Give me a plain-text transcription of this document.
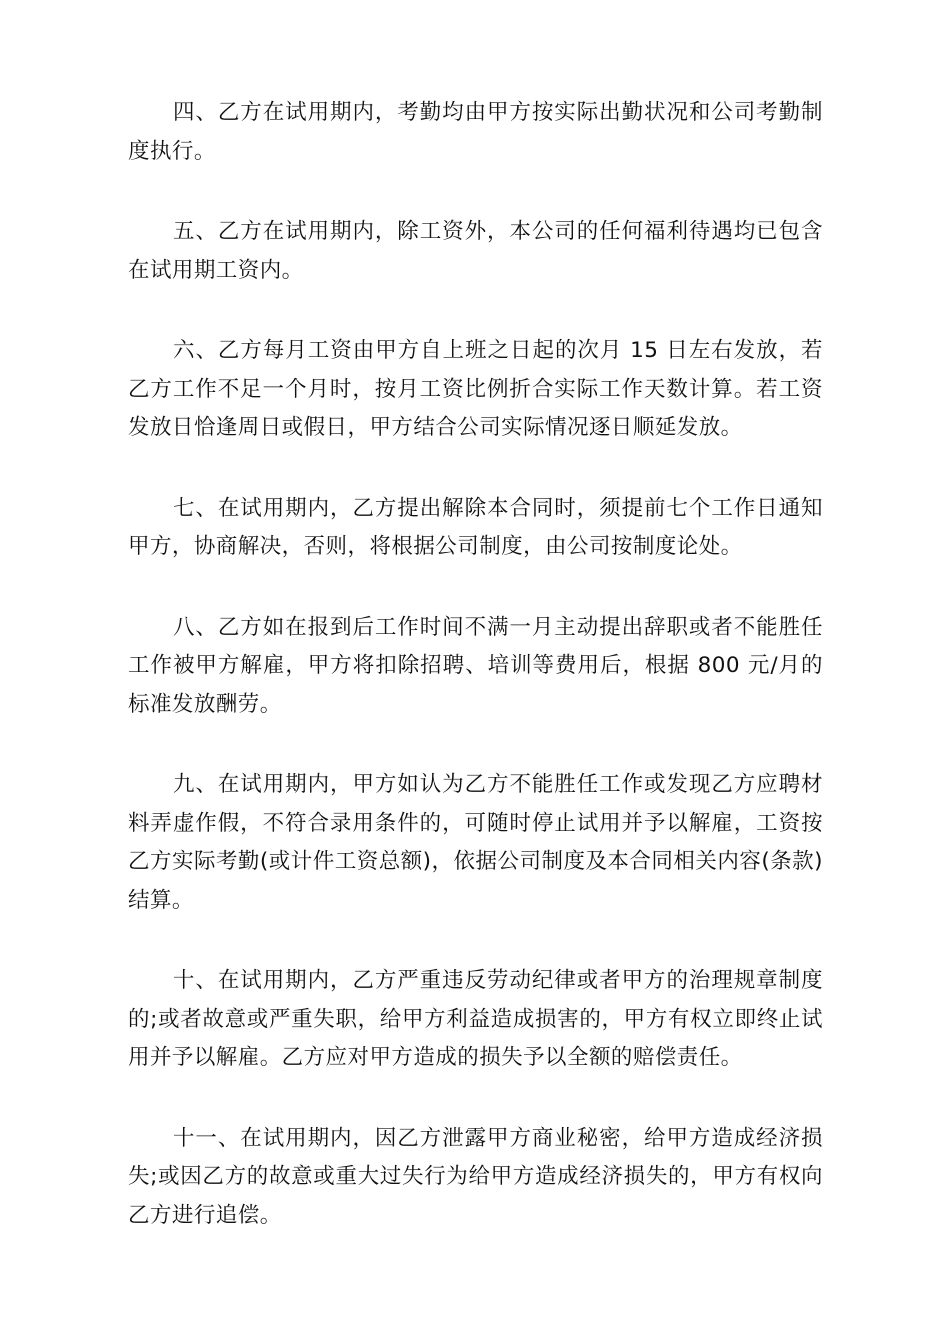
四、乙方在试用期内，考勤均由甲方按实际出勤状况和公司考勤制度执行。

五、乙方在试用期内，除工资外，本公司的任何福利待遇均已包含在试用期工资内。

六、乙方每月工资由甲方自上班之日起的次月 15 日左右发放，若乙方工作不足一个月时，按月工资比例折合实际工作天数计算。若工资发放日恰逢周日或假日，甲方结合公司实际情况逐日顺延发放。

七、在试用期内，乙方提出解除本合同时，须提前七个工作日通知甲方，协商解决，否则，将根据公司制度，由公司按制度论处。

八、乙方如在报到后工作时间不满一月主动提出辞职或者不能胜任工作被甲方解雇，甲方将扣除招聘、培训等费用后，根据 800 元/月的标准发放酬劳。

九、在试用期内，甲方如认为乙方不能胜任工作或发现乙方应聘材料弄虚作假，不符合录用条件的，可随时停止试用并予以解雇，工资按乙方实际考勤(或计件工资总额)，依据公司制度及本合同相关内容(条款)结算。

十、在试用期内，乙方严重违反劳动纪律或者甲方的治理规章制度的;或者故意或严重失职，给甲方利益造成损害的，甲方有权立即终止试用并予以解雇。乙方应对甲方造成的损失予以全额的赔偿责任。

十一、在试用期内，因乙方泄露甲方商业秘密，给甲方造成经济损失;或因乙方的故意或重大过失行为给甲方造成经济损失的，甲方有权向乙方进行追偿。
